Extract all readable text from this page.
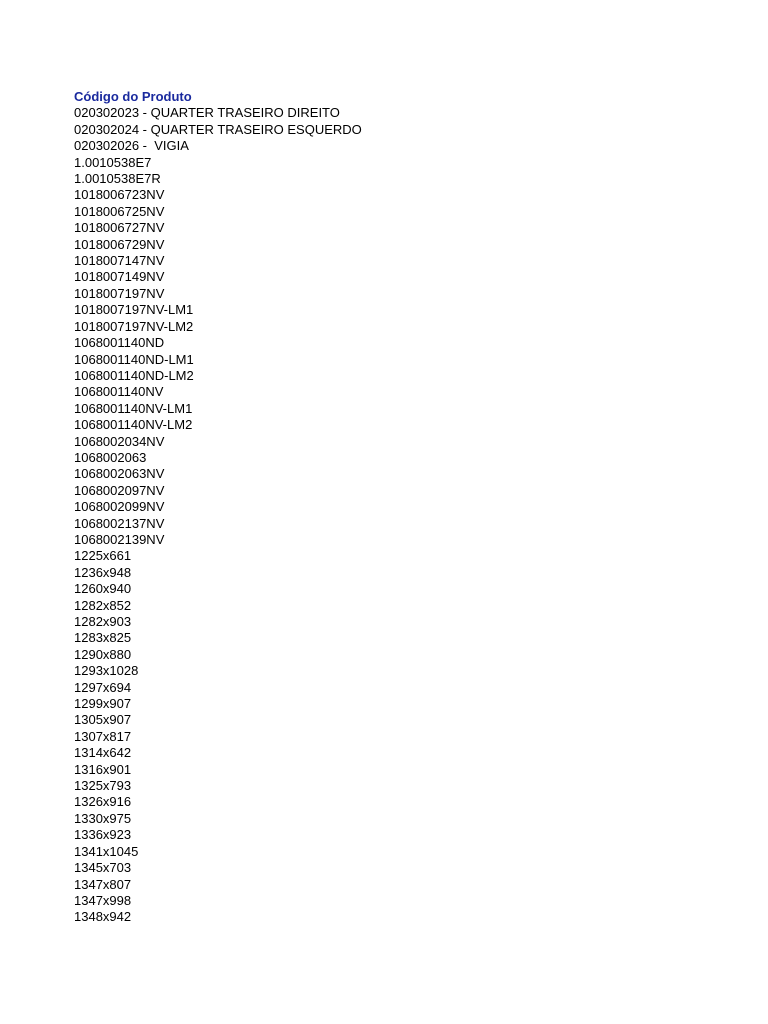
Código do Produto
020302023 - QUARTER TRASEIRO DIREITO
020302024 - QUARTER TRASEIRO ESQUERDO
020302026 -  VIGIA
1.0010538E7
1.0010538E7R
1018006723NV
1018006725NV
1018006727NV
1018006729NV
1018007147NV
1018007149NV
1018007197NV
1018007197NV-LM1
1018007197NV-LM2
1068001140ND
1068001140ND-LM1
1068001140ND-LM2
1068001140NV
1068001140NV-LM1
1068001140NV-LM2
1068002034NV
1068002063
1068002063NV
1068002097NV
1068002099NV
1068002137NV
1068002139NV
1225x661
1236x948
1260x940
1282x852
1282x903
1283x825
1290x880
1293x1028
1297x694
1299x907
1305x907
1307x817
1314x642
1316x901
1325x793
1326x916
1330x975
1336x923
1341x1045
1345x703
1347x807
1347x998
1348x942
